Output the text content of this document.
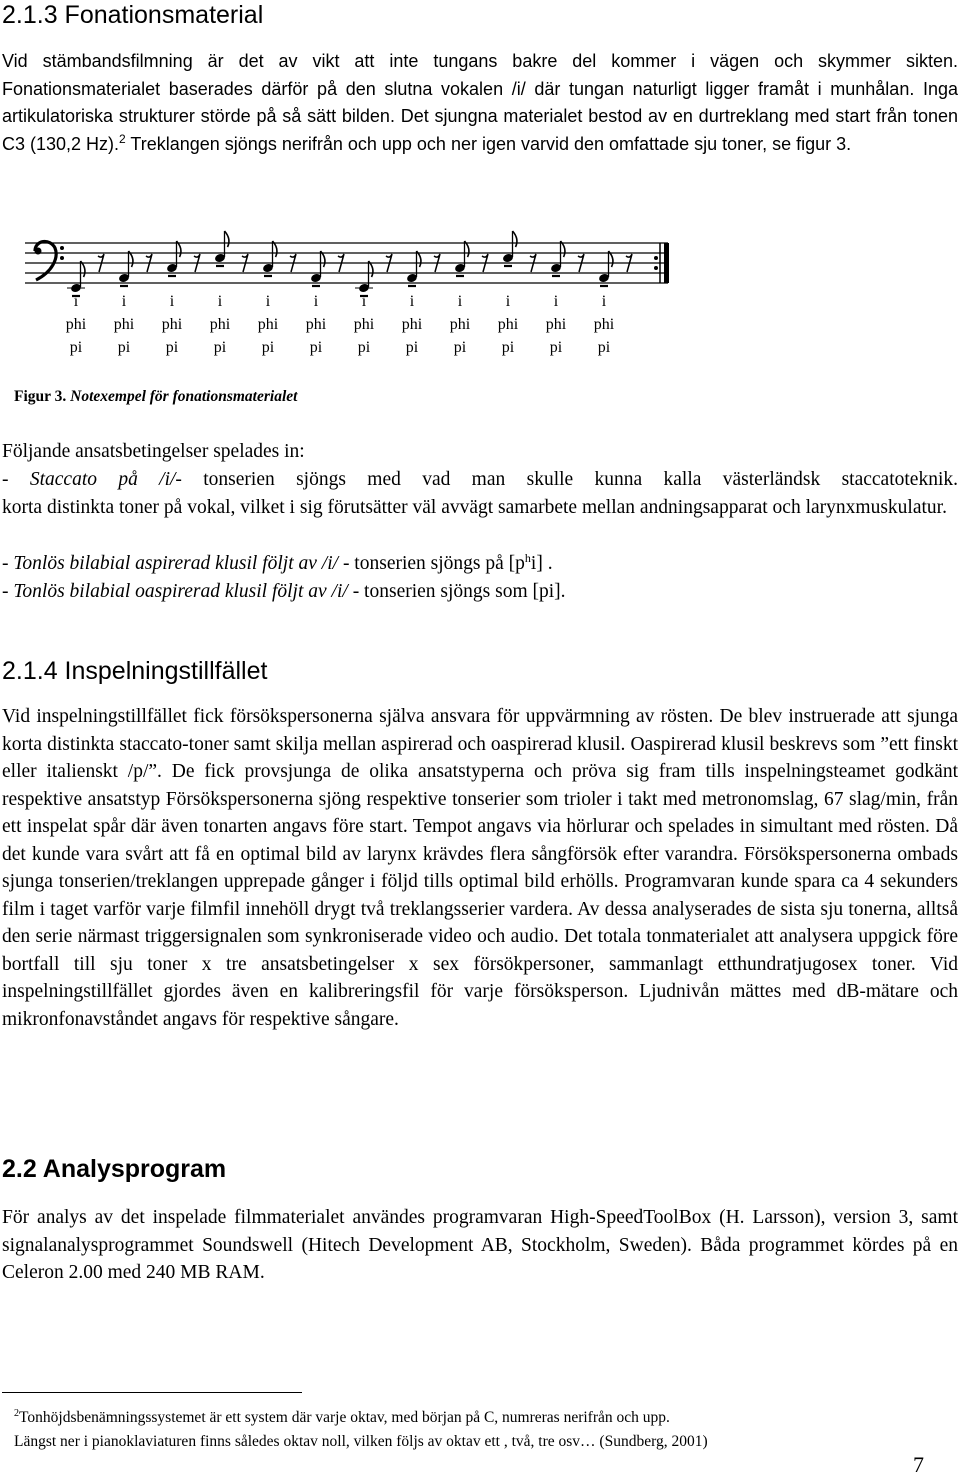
2.1.3 Fonationsmaterial
Vid stämbandsfilmning är det av vikt att inte tungans bakre del kommer i vägen och skymmer sikten. Fonationsmaterialet baserades därför på den slutna vokalen /i/ där tungan naturligt ligger framåt i munhålan. Inga artikulatoriska strukturer störde på så sätt bilden. Det sjungna materialet bestod av en durtreklang med start från tonen C3 (130,2 Hz).$^2$ Treklangen sjöngs nerifrån och upp och ner igen varvid den omfattade sju toner, se figur 3.
i
phi
pi
i
phi
pi
i
phi
pi
i
phi
pi
i
phi
pi
i
phi
pi
i
phi
pi
i
phi
pi
i
phi
pi
i
phi
pi
i
phi
pi
i
phi
pi
Figur 3. Notexempel för fonationsmaterialet
Följande ansatsbetingelser spelades in:
- Staccato på /i/- tonserien sjöngs med vad man skulle kunna kalla västerländsk staccatoteknik.
korta distinkta toner på vokal, vilket i sig förutsätter väl avvägt samarbete mellan andningsapparat och larynxmuskulatur.
- Tonlös bilabial aspirerad klusil följt av /i/ - tonserien sjöngs på $[p^hi]$ .
- Tonlös bilabial oaspirerad klusil följt av /i/ - tonserien sjöngs som [pi].
2.1.4 Inspelningstillfället
Vid inspelningstillfället fick försökspersonerna själva ansvara för uppvärmning av rösten. De blev instruerade att sjunga korta distinkta staccato-toner samt skilja mellan aspirerad och oaspirerad klusil. Oaspirerad klusil beskrevs som ”ett finskt eller italienskt /p/”. De fick provsjunga de olika ansatstyperna och pröva sig fram tills inspelningsteamet godkänt respektive ansatstyp Försökspersonerna sjöng respektive tonserier som trioler i takt med metronomslag, 67 slag/min, från ett inspelat spår där även tonarten angavs före start. Tempot angavs via hörlurar och spelades in simultant med rösten. Då det kunde vara svårt att få en optimal bild av larynx krävdes flera sångförsök efter varandra. Försökspersonerna ombads sjunga tonserien/treklangen upprepade gånger i följd tills optimal bild erhölls. Programvaran kunde spara ca 4 sekunders film i taget varför varje filmfil innehöll drygt två treklangsserier vardera. Av dessa analyserades de sista sju tonerna, alltså den serie närmast triggersignalen som synkroniserade video och audio. Det totala tonmaterialet att analysera uppgick före bortfall till sju toner x tre ansatsbetingelser x sex försökpersoner, sammanlagt etthundratjugosex toner. Vid inspelningstillfället gjordes även en kalibreringsfil för varje försöksperson. Ljudnivån mättes med dB-mätare och mikronfonavståndet angavs för respektive sångare.
2.2 Analysprogram
För analys av det inspelade filmmaterialet användes programvaran High-SpeedToolBox (H. Larsson), version 3, samt signalanalysprogrammet Soundswell (Hitech Development AB, Stockholm, Sweden). Båda programmet kördes på en Celeron 2.00 med 240 MB RAM.
$^2$Tonhöjdsbenämningssystemet är ett system där varje oktav, med början på C, numreras nerifrån och upp.
Längst ner i pianoklaviaturen finns således oktav noll, vilken följs av oktav ett , två, tre osv… (Sundberg, 2001)
7
